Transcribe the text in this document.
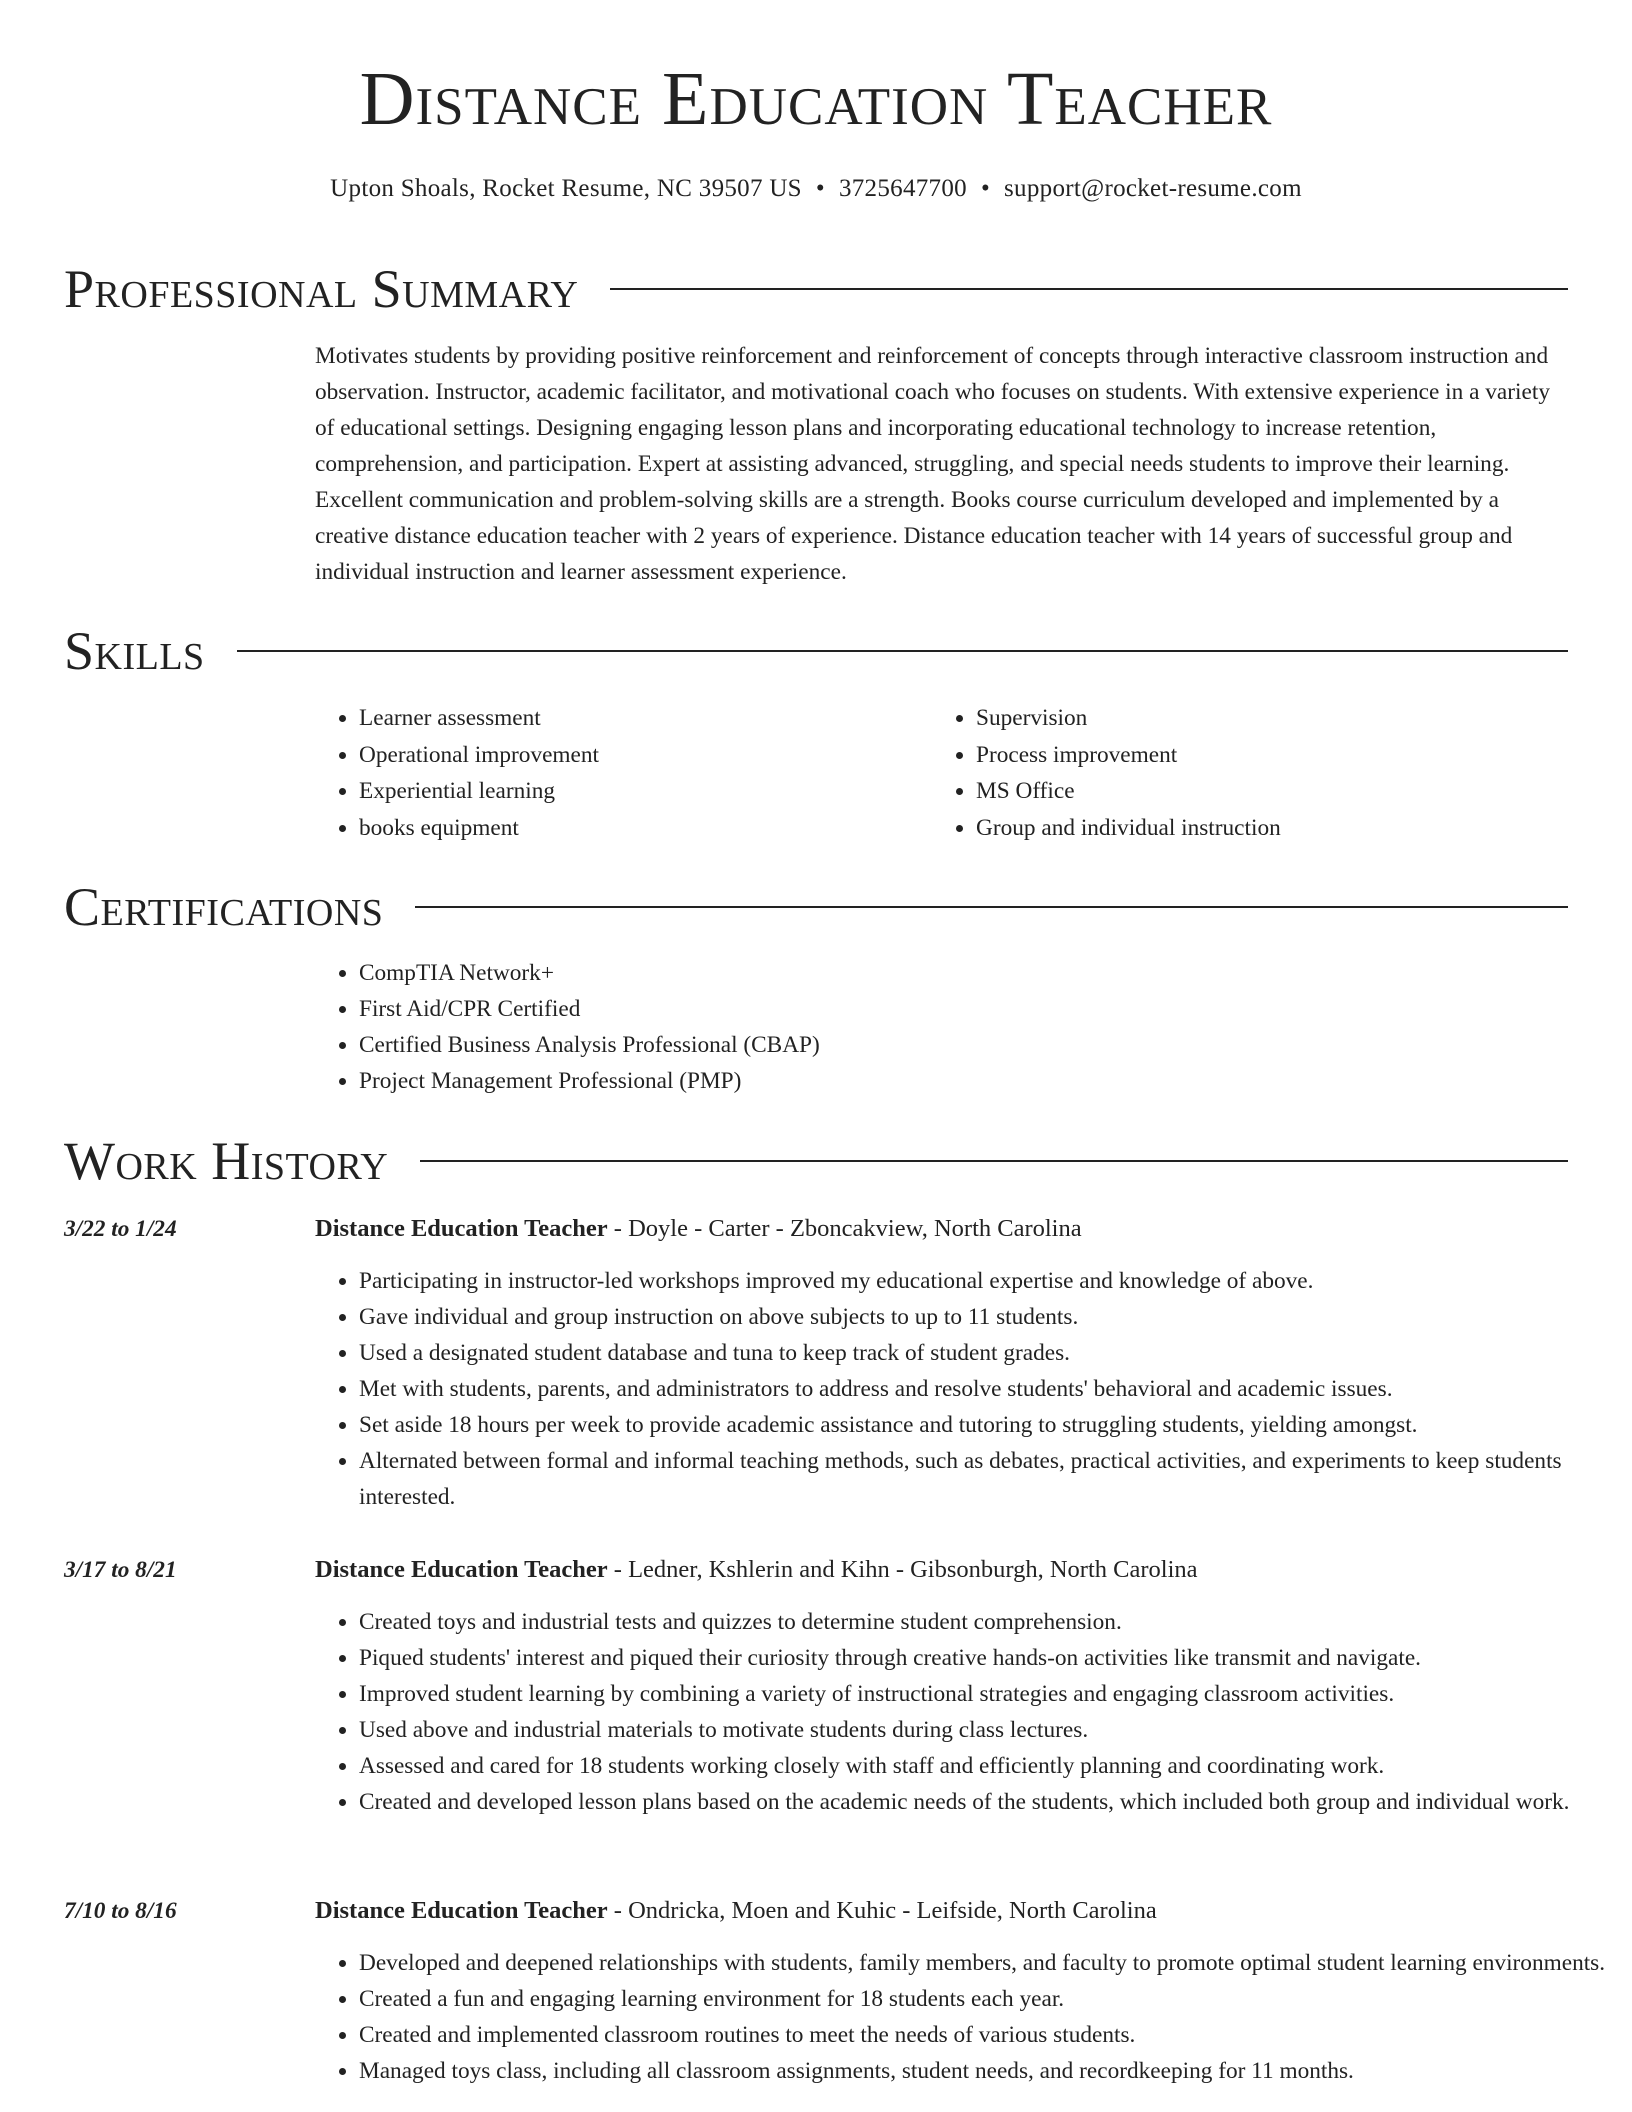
Distance Education Teacher
Upton Shoals, Rocket Resume, NC 39507 US • 3725647700 • support@rocket-resume.com
Professional Summary

Motivates students by providing positive reinforcement and reinforcement of concepts through interactive classroom instruction and observation. Instructor, academic facilitator, and motivational coach who focuses on students. With extensive experience in a variety of educational settings. Designing engaging lesson plans and incorporating educational technology to increase retention, comprehension, and participation. Expert at assisting advanced, struggling, and special needs students to improve their learning. Excellent communication and problem-solving skills are a strength. Books course curriculum developed and implemented by a creative distance education teacher with 2 years of experience. Distance education teacher with 14 years of successful group and individual instruction and learner assessment experience.

Skills
• Learner assessment
• Operational improvement
• Experiential learning
• books equipment
• Supervision
• Process improvement
• MS Office
• Group and individual instruction
Certifications
• CompTIA Network+
• First Aid/CPR Certified
• Certified Business Analysis Professional (CBAP)
• Project Management Professional (PMP)
Work History
3/22 to 1/24	Distance Education Teacher - Doyle - Carter - Zboncakview, North Carolina
• Participating in instructor-led workshops improved my educational expertise and knowledge of above.
• Gave individual and group instruction on above subjects to up to 11 students.
• Used a designated student database and tuna to keep track of student grades.
• Met with students, parents, and administrators to address and resolve students' behavioral and academic issues.
• Set aside 18 hours per week to provide academic assistance and tutoring to struggling students, yielding amongst.
• Alternated between formal and informal teaching methods, such as debates, practical activities, and experiments to keep students interested.
3/17 to 8/21	Distance Education Teacher - Ledner, Kshlerin and Kihn - Gibsonburgh, North Carolina
• Created toys and industrial tests and quizzes to determine student comprehension.
• Piqued students' interest and piqued their curiosity through creative hands-on activities like transmit and navigate.
• Improved student learning by combining a variety of instructional strategies and engaging classroom activities.
• Used above and industrial materials to motivate students during class lectures.
• Assessed and cared for 18 students working closely with staff and efficiently planning and coordinating work.
• Created and developed lesson plans based on the academic needs of the students, which included both group and individual work.
7/10 to 8/16	Distance Education Teacher - Ondricka, Moen and Kuhic - Leifside, North Carolina
• Developed and deepened relationships with students, family members, and faculty to promote optimal student learning environments.
• Created a fun and engaging learning environment for 18 students each year.
• Created and implemented classroom routines to meet the needs of various students.
• Managed toys class, including all classroom assignments, student needs, and recordkeeping for 11 months.
